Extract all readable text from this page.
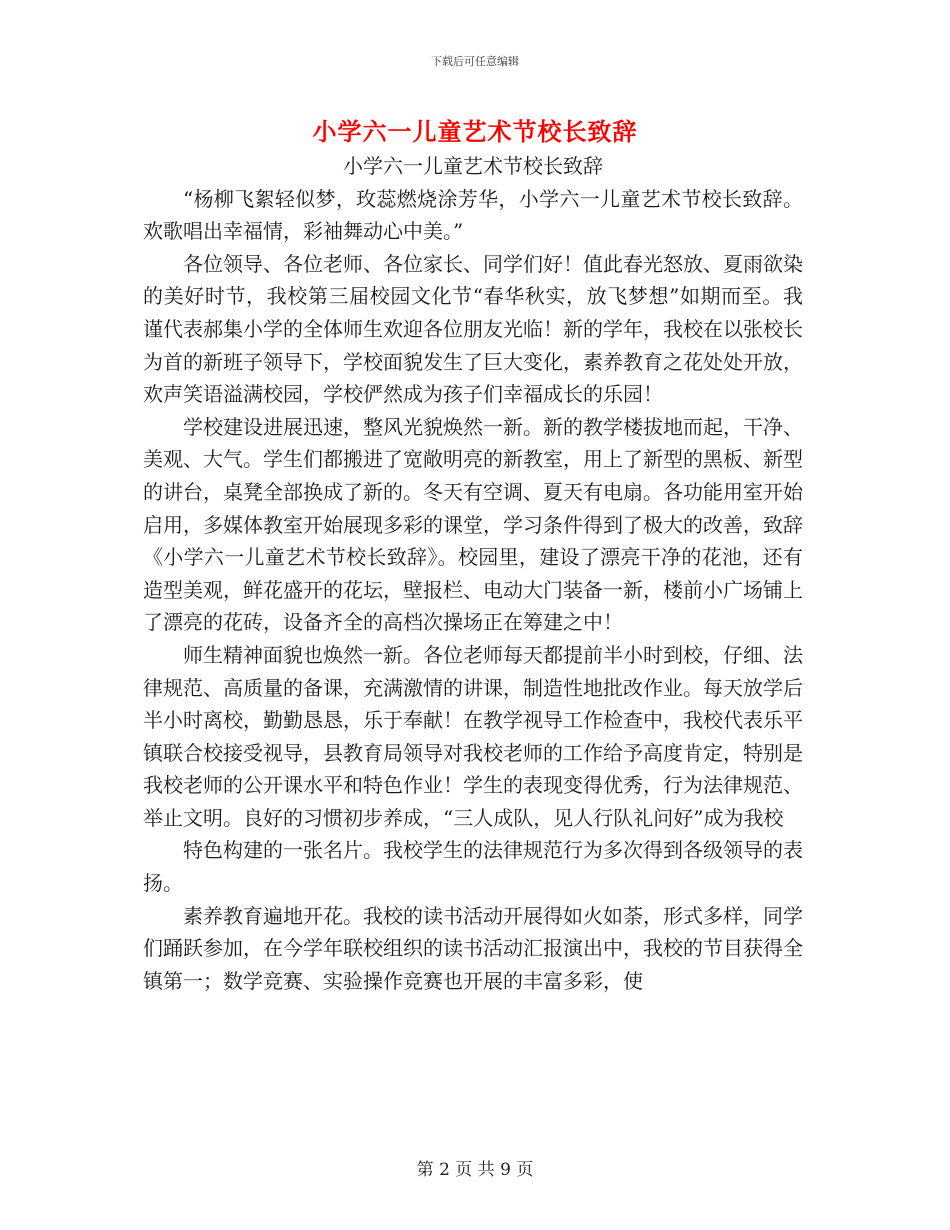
下载后可任意编辑
小学六一儿童艺术节校长致辞

小学六一儿童艺术节校长致辞

“杨柳飞絮轻似梦，玫蕊燃烧涂芳华，小学六一儿童艺术节校长致辞。欢歌唱出幸福情，彩袖舞动心中美。”

各位领导、各位老师、各位家长、同学们好！值此春光怒放、夏雨欲染的美好时节，我校第三届校园文化节“春华秋实，放飞梦想”如期而至。我谨代表郝集小学的全体师生欢迎各位朋友光临！新的学年，我校在以张校长为首的新班子领导下，学校面貌发生了巨大变化，素养教育之花处处开放，欢声笑语溢满校园，学校俨然成为孩子们幸福成长的乐园！

学校建设进展迅速，整风光貌焕然一新。新的教学楼拔地而起，干净、美观、大气。学生们都搬进了宽敞明亮的新教室，用上了新型的黑板、新型的讲台，桌凳全部换成了新的。冬天有空调、夏天有电扇。各功能用室开始启用，多媒体教室开始展现多彩的课堂，学习条件得到了极大的改善，致辞《小学六一儿童艺术节校长致辞》。校园里，建设了漂亮干净的花池，还有造型美观，鲜花盛开的花坛，壁报栏、电动大门装备一新，楼前小广场铺上了漂亮的花砖，设备齐全的高档次操场正在筹建之中！

师生精神面貌也焕然一新。各位老师每天都提前半小时到校，仔细、法律规范、高质量的备课，充满激情的讲课，制造性地批改作业。每天放学后半小时离校，勤勤恳恳，乐于奉献！在教学视导工作检查中，我校代表乐平镇联合校接受视导，县教育局领导对我校老师的工作给予高度肯定，特别是我校老师的公开课水平和特色作业！学生的表现变得优秀，行为法律规范、举止文明。良好的习惯初步养成，“三人成队，见人行队礼问好”成为我校

特色构建的一张名片。我校学生的法律规范行为多次得到各级领导的表扬。

素养教育遍地开花。我校的读书活动开展得如火如荼，形式多样，同学们踊跃参加，在今学年联校组织的读书活动汇报演出中，我校的节目获得全镇第一；数学竞赛、实验操作竞赛也开展的丰富多彩，使

第 2 页 共 9 页
